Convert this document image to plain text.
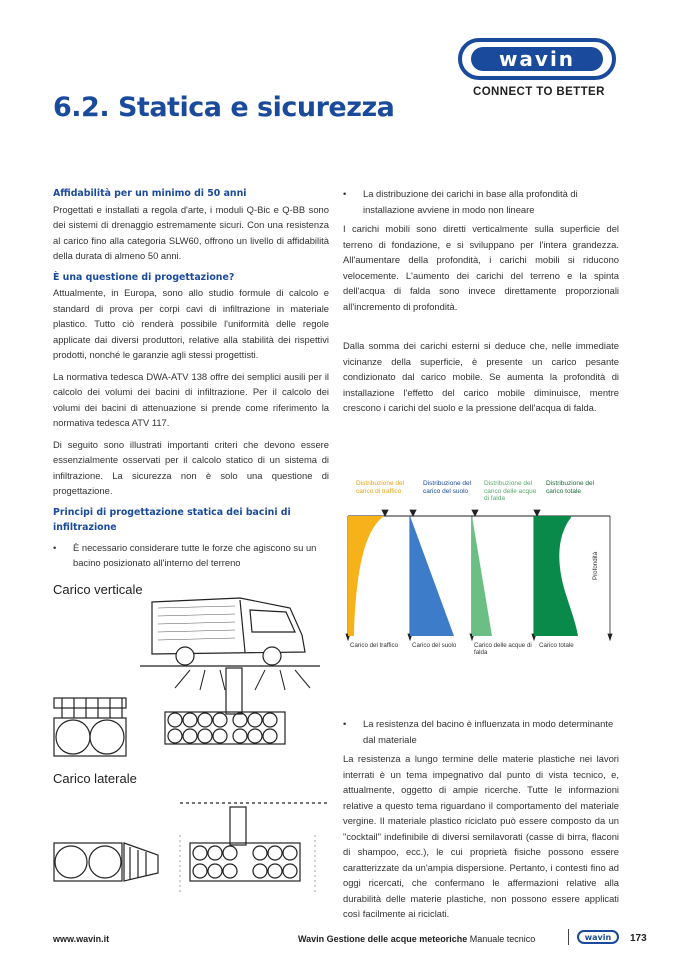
wavin
CONNECT TO BETTER
6.2. Statica e sicurezza
Affidabilità per un minimo di 50 anni

Progettati e installati a regola d'arte, i moduli Q-Bic e Q-BB sono dei sistemi di drenaggio estremamente sicuri. Con una resistenza al carico fino alla categoria SLW60, offrono un livello di affidabilità della durata di almeno 50 anni.

È una questione di progettazione?

Attualmente, in Europa, sono allo studio formule di calcolo e standard di prova per corpi cavi di infiltrazione in materiale plastico. Tutto ciò renderà possibile l'uniformità delle regole applicate dai diversi produttori, relative alla stabilità dei rispettivi prodotti, nonché le garanzie agli stessi progettisti.

La normativa tedesca DWA-ATV 138 offre dei semplici ausili per il calcolo dei volumi dei bacini di infiltrazione. Per il calcolo dei volumi dei bacini di attenuazione si prende come riferimento la normativa tedesca ATV 117.

Di seguito sono illustrati importanti criteri che devono essere essenzialmente osservati per il calcolo statico di un sistema di infiltrazione. La sicurezza non è solo una questione di progettazione.

Principi di progettazione statica dei bacini di infiltrazione
•	È necessario considerare tutte le forze che agiscono su un bacino posizionato all'interno del terreno
Carico verticale
Carico laterale
•	La distribuzione dei carichi in base alla profondità di installazione avviene in modo non lineare

I carichi mobili sono diretti verticalmente sulla superficie del terreno di fondazione, e si sviluppano per l'intera grandezza. All'aumentare della profondità, i carichi mobili si riducono velocemente. L'aumento dei carichi del terreno e la spinta dell'acqua di falda sono invece direttamente proporzionali all'incremento di profondità.

Dalla somma dei carichi esterni si deduce che, nelle immediate vicinanze della superficie, è presente un carico pesante condizionato dal carico mobile. Se aumenta la profondità di installazione l'effetto del carico mobile diminuisce, mentre crescono i carichi del suolo e la pressione dell'acqua di falda.

Distribuzione del carico di traffico
Distribuzione del carico del suolo
Distribuzione del carico delle acque di falda
Distribuzione del carico totale
Carico del traffico	Carico del suolo	Carico delle acque di falda
Carico totale
Profondità
•	La resistenza del bacino è influenzata in modo determinante dal materiale

La resistenza a lungo termine delle materie plastiche nei lavori interrati è un tema impegnativo dal punto di vista tecnico, e, attualmente, oggetto di ampie ricerche. Tutte le informazioni relative a questo tema riguardano il comportamento del materiale vergine. Il materiale plastico riciclato può essere composto da un "cocktail" indefinibile di diversi semilavorati (casse di birra, flaconi di shampoo, ecc.), le cui proprietà fisiche possono essere caratterizzate da un'ampia dispersione. Pertanto, i contesti fino ad oggi ricercati, che confermano le affermazioni relative alla durabilità delle materie plastiche, non possono essere applicati così facilmente ai riciclati.

www.wavin.it	Wavin Gestione delle acque meteoriche Manuale tecnico	wavin 173
